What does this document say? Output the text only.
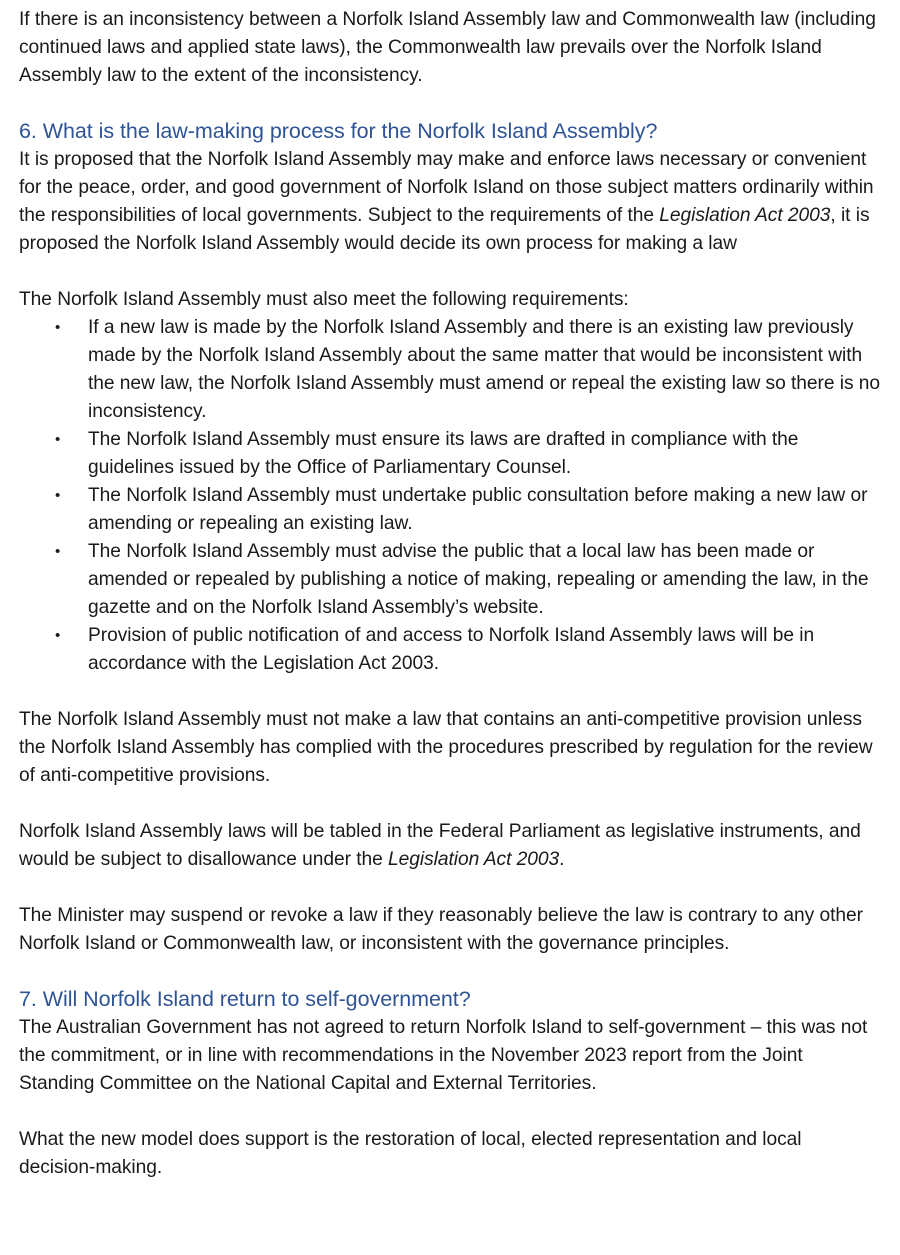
If there is an inconsistency between a Norfolk Island Assembly law and Commonwealth law (including continued laws and applied state laws), the Commonwealth law prevails over the Norfolk Island Assembly law to the extent of the inconsistency.

6. What is the law-making process for the Norfolk Island Assembly?

It is proposed that the Norfolk Island Assembly may make and enforce laws necessary or convenient for the peace, order, and good government of Norfolk Island on those subject matters ordinarily within the responsibilities of local governments. Subject to the requirements of the Legislation Act 2003, it is proposed the Norfolk Island Assembly would decide its own process for making a law

The Norfolk Island Assembly must also meet the following requirements:

• If a new law is made by the Norfolk Island Assembly and there is an existing law previously made by the Norfolk Island Assembly about the same matter that would be inconsistent with the new law, the Norfolk Island Assembly must amend or repeal the existing law so there is no inconsistency.
• The Norfolk Island Assembly must ensure its laws are drafted in compliance with the guidelines issued by the Office of Parliamentary Counsel.
• The Norfolk Island Assembly must undertake public consultation before making a new law or amending or repealing an existing law.
• The Norfolk Island Assembly must advise the public that a local law has been made or amended or repealed by publishing a notice of making, repealing or amending the law, in the gazette and on the Norfolk Island Assembly’s website.
• Provision of public notification of and access to Norfolk Island Assembly laws will be in accordance with the Legislation Act 2003.

The Norfolk Island Assembly must not make a law that contains an anti-competitive provision unless the Norfolk Island Assembly has complied with the procedures prescribed by regulation for the review of anti-competitive provisions.

Norfolk Island Assembly laws will be tabled in the Federal Parliament as legislative instruments, and would be subject to disallowance under the Legislation Act 2003.

The Minister may suspend or revoke a law if they reasonably believe the law is contrary to any other Norfolk Island or Commonwealth law, or inconsistent with the governance principles.

7. Will Norfolk Island return to self-government?

The Australian Government has not agreed to return Norfolk Island to self-government – this was not the commitment, or in line with recommendations in the November 2023 report from the Joint Standing Committee on the National Capital and External Territories.

What the new model does support is the restoration of local, elected representation and local decision-making.
